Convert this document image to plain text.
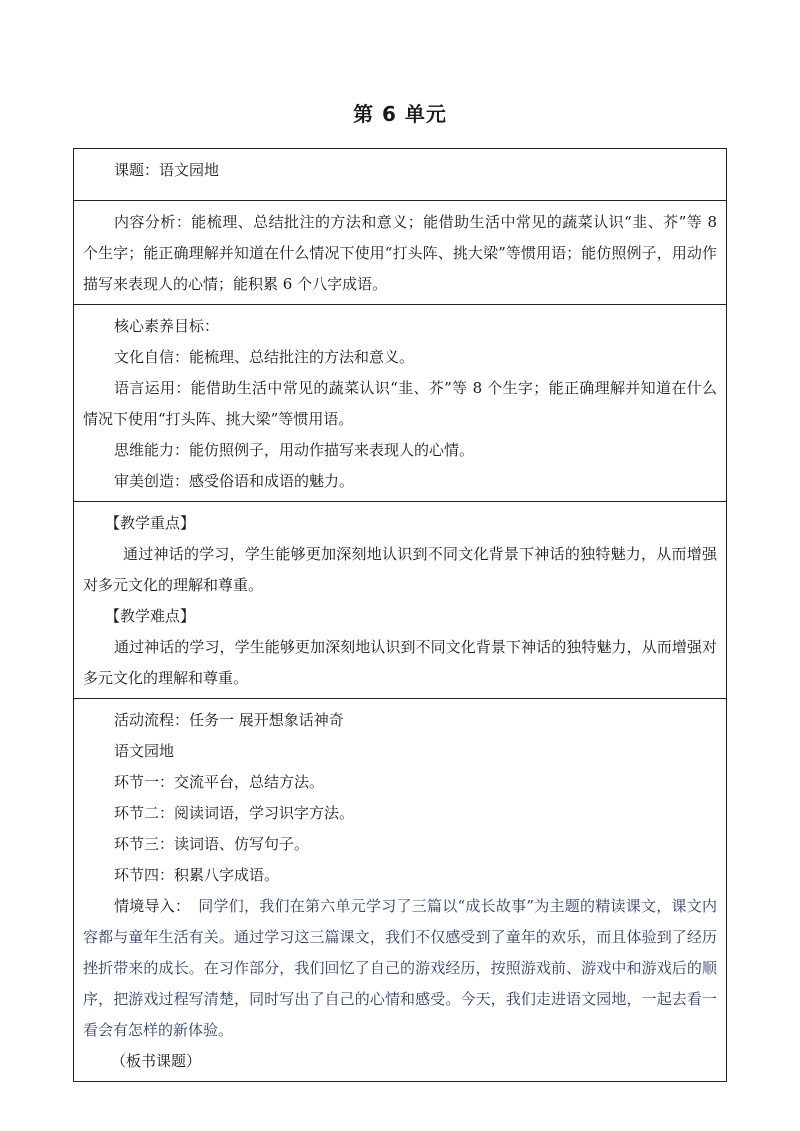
第 6 单元

课题：语文园地

内容分析：能梳理、总结批注的方法和意义；能借助生活中常见的蔬菜认识“韭、芥”等 8 个生字；能正确理解并知道在什么情况下使用“打头阵、挑大梁”等惯用语；能仿照例子，用动作描写来表现人的心情；能积累 6 个八字成语。

核心素养目标：

文化自信：能梳理、总结批注的方法和意义。

语言运用：能借助生活中常见的蔬菜认识“韭、芥”等 8 个生字；能正确理解并知道在什么情况下使用“打头阵、挑大梁”等惯用语。

思维能力：能仿照例子，用动作描写来表现人的心情。

审美创造：感受俗语和成语的魅力。

【教学重点】

通过神话的学习，学生能够更加深刻地认识到不同文化背景下神话的独特魅力，从而增强对多元文化的理解和尊重。

【教学难点】

通过神话的学习，学生能够更加深刻地认识到不同文化背景下神话的独特魅力，从而增强对多元文化的理解和尊重。

活动流程：任务一 展开想象话神奇

语文园地

环节一：交流平台，总结方法。

环节二：阅读词语，学习识字方法。

环节三：读词语、仿写句子。

环节四：积累八字成语。

情境导入： 同学们，我们在第六单元学习了三篇以“成长故事”为主题的精读课文，课文内容都与童年生活有关。通过学习这三篇课文，我们不仅感受到了童年的欢乐，而且体验到了经历挫折带来的成长。在习作部分，我们回忆了自己的游戏经历，按照游戏前、游戏中和游戏后的顺序，把游戏过程写清楚，同时写出了自己的心情和感受。今天，我们走进语文园地，一起去看一看会有怎样的新体验。

（板书课题）
